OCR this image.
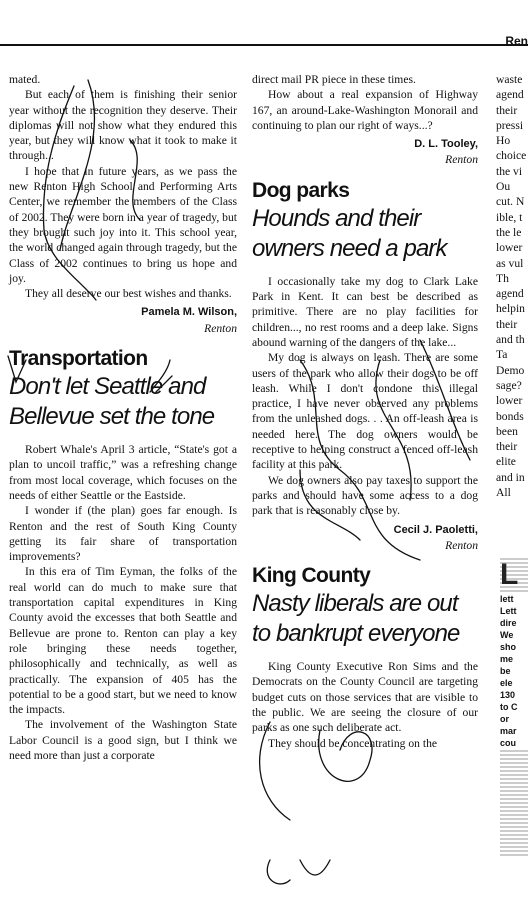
Ren

mated.

But each of them is finishing their senior year without the recognition they deserve. Their diplomas will not show what they endured this year, but they will know what it took to make it through...

I hope that in future years, as we pass the new Renton High School and Performing Arts Center, we remember the members of the Class of 2002. They were born in a year of tragedy, but they brought such joy into it. This school year, the world changed again through tragedy, but the Class of 2002 continues to bring us hope and joy.

They all deserve our best wishes and thanks.

Pamela M. Wilson,
Renton
Transportation
Don't let Seattle and Bellevue set the tone

Robert Whale's April 3 article, “State's got a plan to uncoil traffic,” was a refreshing change from most local coverage, which focuses on the needs of either Seattle or the Eastside.

I wonder if (the plan) goes far enough. Is Renton and the rest of South King County getting its fair share of transportation improvements?

In this era of Tim Eyman, the folks of the real world can do much to make sure that transportation capital expenditures in King County avoid the excesses that both Seattle and Bellevue are prone to. Renton can play a key role bringing these needs together, philosophically and technically, as well as practically. The expansion of 405 has the potential to be a good start, but we need to know the impacts.

The involvement of the Washington State Labor Council is a good sign, but I think we need more than just a corporate

direct mail PR piece in these times.

How about a real expansion of Highway 167, an around-Lake-Washington Monorail and continuing to plan our right of ways...?

D. L. Tooley,
Renton
Dog parks
Hounds and their owners need a park

I occasionally take my dog to Clark Lake Park in Kent. It can best be described as primitive. There are no play facilities for children..., no rest rooms and a deep lake. Signs abound warning of the dangers of the lake...

My dog is always on leash. There are some users of the park who allow their dogs to be off leash. While I don't condone this illegal practice, I have never observed any problems from the unleashed dogs. . . An off-leash area is needed here. The dog owners would be receptive to helping construct a fenced off-leash facility at this park.

We dog owners also pay taxes to support the parks and should have some access to a dog park that is reasonably close by.

Cecil J. Paoletti,
Renton
King County
Nasty liberals are out to bankrupt everyone

King County Executive Ron Sims and the Democrats on the County Council are targeting budget cuts on those services that are visible to the public. We are seeing the closure of our parks as one such deliberate act.

They should be concentrating on the

waste

agend

their

pressi

Ho

choice

the vi

Ou

cut. N

ible, t

the le

lower

as vul

Th

agend

helpin

their

and th

Ta

Demo

sage?

lower

bonds

been

their

elite

and in

All

L
lett
Lett
dire
We
sho
me
be
ele
130
to C
or
mar
cou
